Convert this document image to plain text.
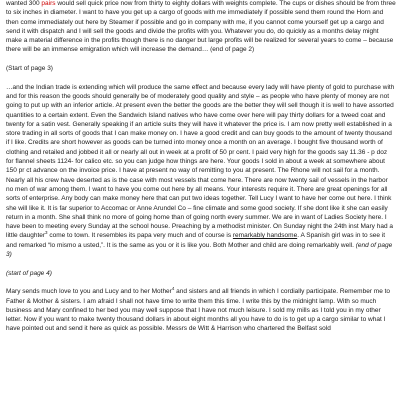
wanted 300 pairs would sell quick price now from thirty to eighty dollars with weights complete. The cups or dishes should be from three to six inches in diameter. I want to have you get up a cargo of goods with me immediately if possible send them round the Horn and then come immediately out here by Steamer if possible and go in company with me, if you cannot come yourself get up a cargo and send it with dispatch and I will sell the goods and divide the profits with you. Whatever you do, do quickly as a months delay might make a material difference in the profits though there is no danger but large profits will be realized for several years to come – because there will be an immense emigration which will increase the demand… (end of page 2)

(Start of page 3)

…and the Indian trade is extending which will produce the same effect and because every lady will have plenty of gold to purchase with and for this reason the goods should generally be of moderately good quality and style – as people who have plenty of money are not going to put up with an inferior article. At present even the better the goods are the better they will sell though it is well to have assorted quantities to a certain extent. Even the Sandwich Island natives who have come over here will pay thirty dollars for a tweed coat and twenty for a satin vest. Generally speaking if an article suits they will have it whatever the price is. I am now pretty well established in a store trading in all sorts of goods that I can make money on. I have a good credit and can buy goods to the amount of twenty thousand if I like. Credits are short however as goods can be turned into money once a month on an average. I bought five thousand worth of clothing and retailed and jobbed it all or nearly all out in week at a profit of 50 pr cent. I paid very high for the goods say 11.36 - p doz for flannel sheets 1124- for calico etc. so you can judge how things are here. Your goods I sold in about a week at somewhere about 150 pr ct advance on the invoice price. I have at present no way of remitting to you at present. The Rhone will not sail for a month. Nearly all his crew have deserted as is the case with most vessels that come here. There are now twenty sail of vessels in the harbor no men of war among them. I want to have you come out here by all means. Your interests require it. There are great openings for all sorts of enterprise. Any body can make money here that can put two ideas together. Tell Lucy I want to have her come out here. I think she will like it. It is far superior to Accomac or Anne Arundel Co – fine climate and some good society. If she dont like it she can easily return in a month. She shall think no more of going home than of going north every summer. We are in want of Ladies Society here. I have been to meeting every Sunday at the school house. Preaching by a methodist minister. On Sunday night the 24th inst Mary had a little daughter$^3$ come to town. It resembles its papa very much and of course is remarkably handsome. A Spanish girl was in to see it and remarked “lo mismo a usted,”. It is the same as you or it is like you. Both Mother and child are doing remarkably well. (end of page 3)

(start of page 4)

Mary sends much love to you and Lucy and to her Mother$^4$ and sisters and all friends in which I cordially participate. Remember me to Father & Mother & sisters. I am afraid I shall not have time to write them this time. I write this by the midnight lamp. With so much business and Mary confined to her bed you may well suppose that I have not much leisure. I sold my mills as I told you in my other letter. Now if you want to make twenty thousand dollars in about eight months all you have to do is to get up a cargo similar to what I have pointed out and send it here as quick as possible. Messrs de Witt & Harrison who chartered the Belfast sold
